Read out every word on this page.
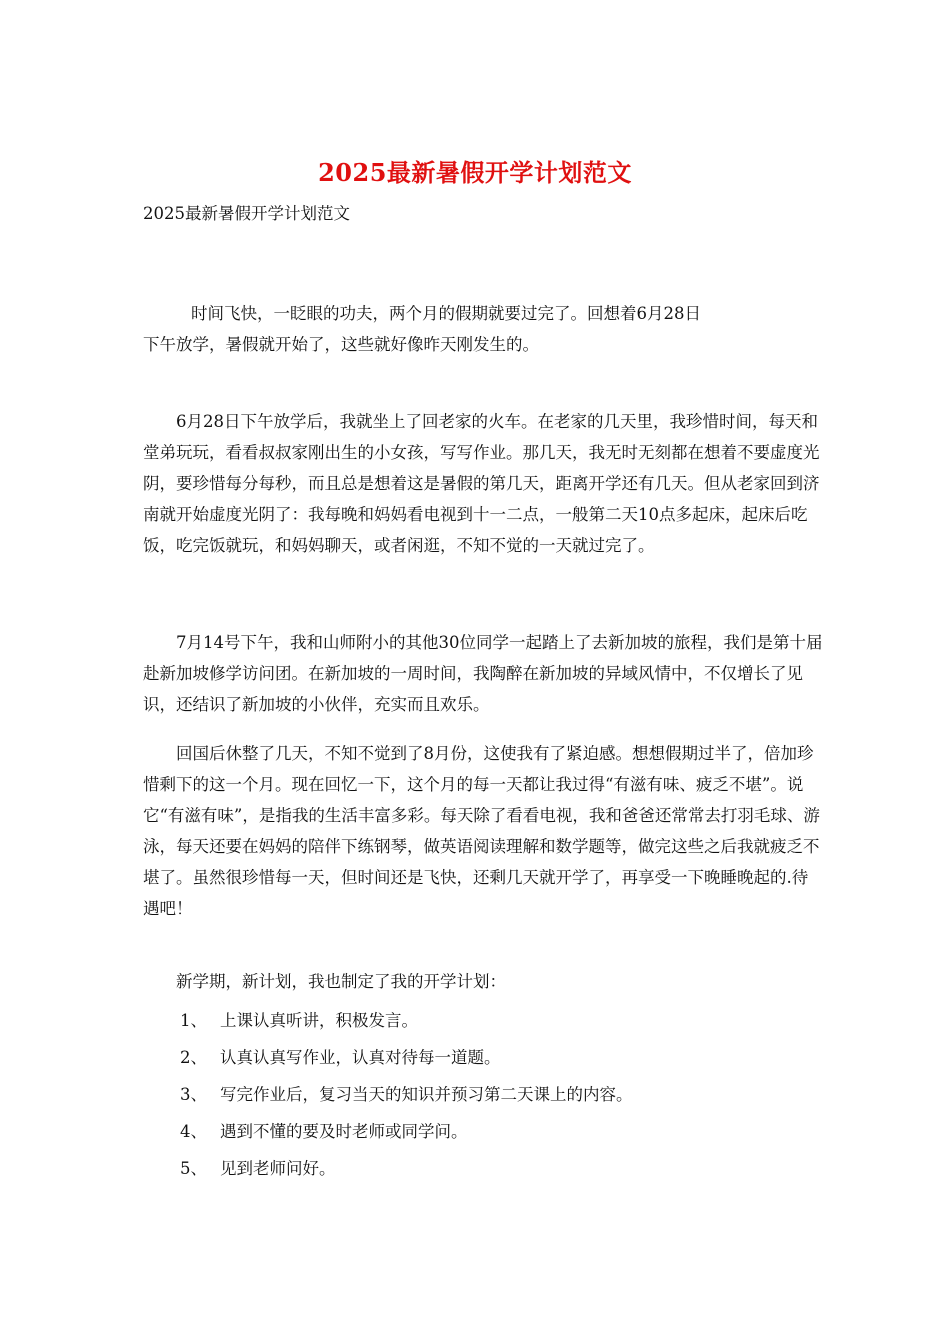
2025最新暑假开学计划范文
2025最新暑假开学计划范文

时间飞快，一眨眼的功夫，两个月的假期就要过完了。回想着6月28日
下午放学，暑假就开始了，这些就好像昨天刚发生的。

6月28日下午放学后，我就坐上了回老家的火车。在老家的几天里，我珍惜时间，每天和堂弟玩玩，看看叔叔家刚出生的小女孩，写写作业。那几天，我无时无刻都在想着不要虚度光阴，要珍惜每分每秒，而且总是想着这是暑假的第几天，距离开学还有几天。但从老家回到济南就开始虚度光阴了：我每晚和妈妈看电视到十一二点，一般第二天10点多起床，起床后吃饭，吃完饭就玩，和妈妈聊天，或者闲逛，不知不觉的一天就过完了。

7月14号下午，我和山师附小的其他30位同学一起踏上了去新加坡的旅程，我们是第十届赴新加坡修学访问团。在新加坡的一周时间，我陶醉在新加坡的异域风情中，不仅增长了见识，还结识了新加坡的小伙伴，充实而且欢乐。

回国后休整了几天，不知不觉到了8月份，这使我有了紧迫感。想想假期过半了，倍加珍惜剩下的这一个月。现在回忆一下，这个月的每一天都让我过得“有滋有味、疲乏不堪”。说它“有滋有味”，是指我的生活丰富多彩。每天除了看看电视，我和爸爸还常常去打羽毛球、游泳，每天还要在妈妈的陪伴下练钢琴，做英语阅读理解和数学题等，做完这些之后我就疲乏不堪了。虽然很珍惜每一天，但时间还是飞快，还剩几天就开学了，再享受一下晚睡晚起的.待遇吧！

新学期，新计划，我也制定了我的开学计划：

1、 上课认真听讲，积极发言。
2、 认真认真写作业，认真对待每一道题。
3、 写完作业后，复习当天的知识并预习第二天课上的内容。
4、 遇到不懂的要及时老师或同学问。
5、 见到老师问好。
